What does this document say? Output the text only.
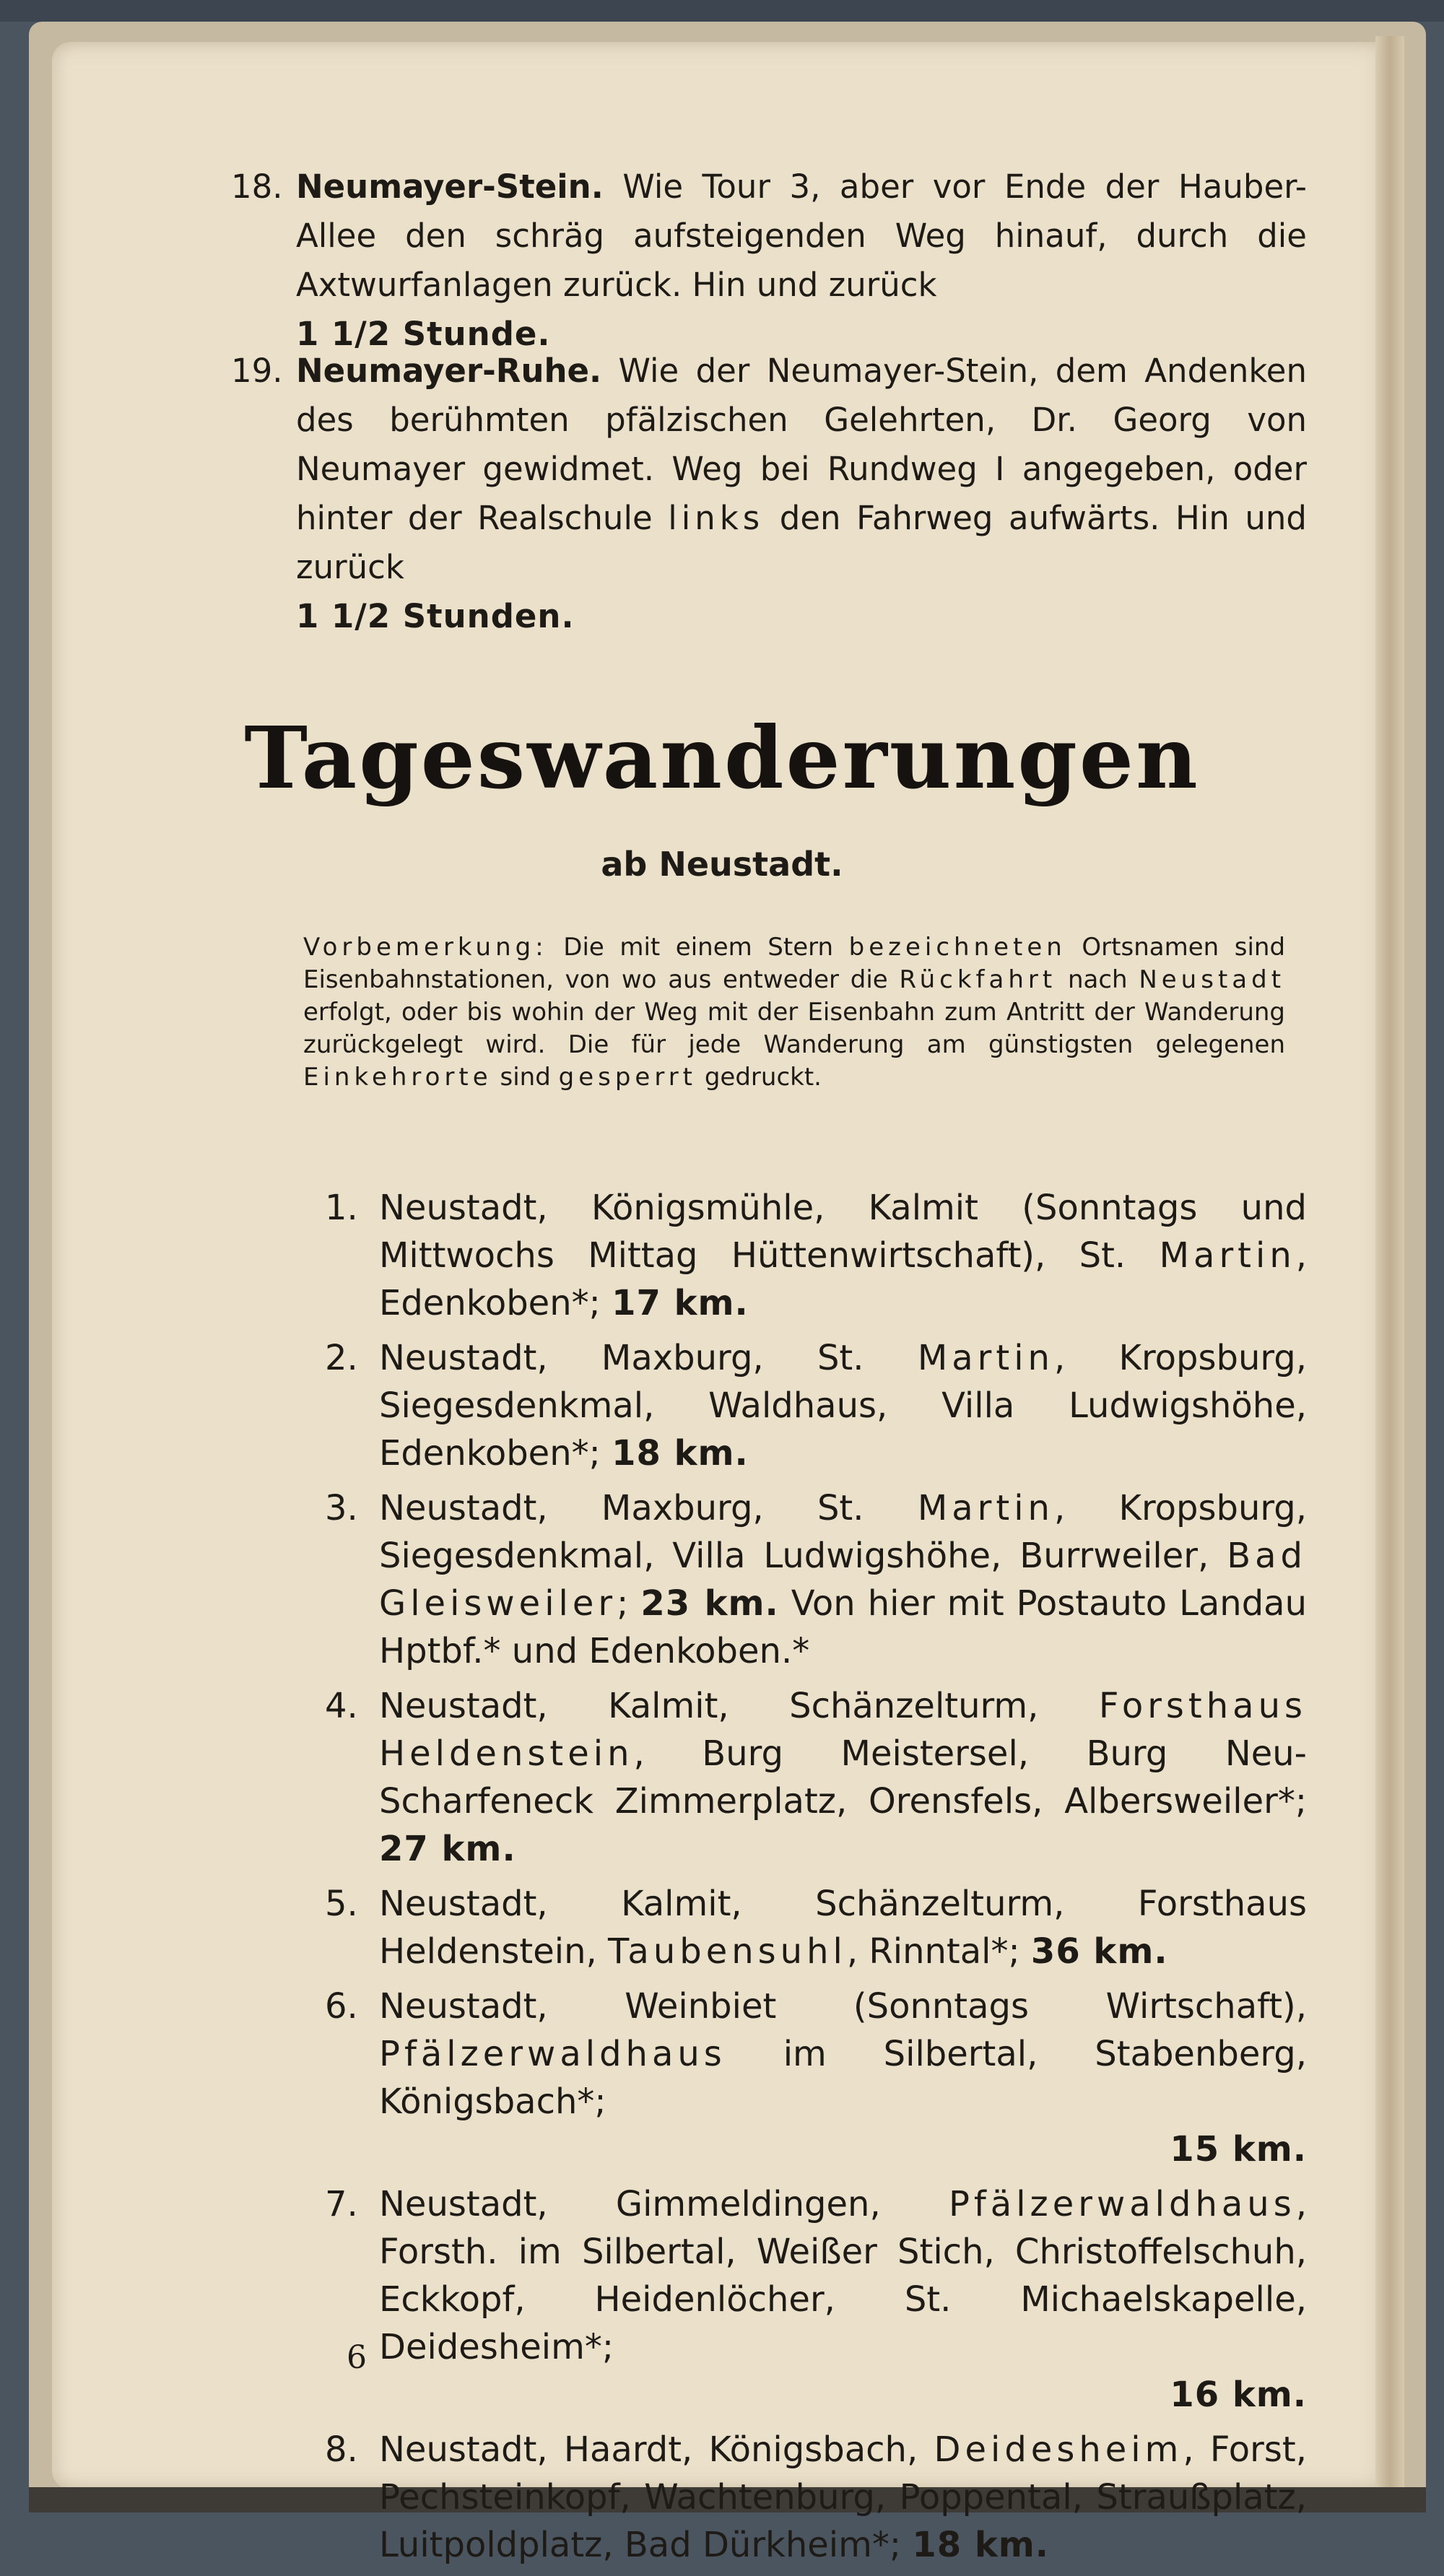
18. Neumayer-Stein. Wie Tour 3, aber vor Ende der Hauber-Allee den schräg aufsteigenden Weg hinauf, durch die Axtwurfanlagen zurück. Hin und zurück
1 1/2 Stunde.
19. Neumayer-Ruhe. Wie der Neumayer-Stein, dem Andenken des berühmten pfälzischen Gelehrten, Dr. Georg von Neumayer gewidmet. Weg bei Rundweg I angegeben, oder hinter der Realschule links den Fahrweg aufwärts. Hin und zurück
1 1/2 Stunden.
Tageswanderungen
ab Neustadt.
Vorbemerkung: Die mit einem Stern bezeichneten Ortsnamen sind Eisenbahnstationen, von wo aus entweder die Rückfahrt nach Neustadt erfolgt, oder bis wohin der Weg mit der Eisenbahn zum Antritt der Wanderung zurückgelegt wird. Die für jede Wanderung am günstigsten gelegenen Einkehrorte sind gesperrt gedruckt.
1. Neustadt, Königsmühle, Kalmit (Sonntags und Mittwochs Mittag Hüttenwirtschaft), St. Martin, Edenkoben*; 17 km.
2. Neustadt, Maxburg, St. Martin, Kropsburg, Siegesdenkmal, Waldhaus, Villa Ludwigshöhe, Edenkoben*; 18 km.
3. Neustadt, Maxburg, St. Martin, Kropsburg, Siegesdenkmal, Villa Ludwigshöhe, Burrweiler, Bad Gleisweiler; 23 km. Von hier mit Postauto Landau Hptbf.* und Edenkoben.*
4. Neustadt, Kalmit, Schänzelturm, Forsthaus Heldenstein, Burg Meistersel, Burg Neu-Scharfeneck Zimmerplatz, Orensfels, Albersweiler*; 27 km.
5. Neustadt, Kalmit, Schänzelturm, Forsthaus Heldenstein, Taubensuhl, Rinntal*; 36 km.
6. Neustadt, Weinbiet (Sonntags Wirtschaft), Pfälzerwaldhaus im Silbertal, Stabenberg, Königsbach*;
15 km.
7. Neustadt, Gimmeldingen, Pfälzerwaldhaus, Forsth. im Silbertal, Weißer Stich, Christoffelschuh, Eckkopf, Heidenlöcher, St. Michaelskapelle, Deidesheim*;
16 km.
8. Neustadt, Haardt, Königsbach, Deidesheim, Forst, Pechsteinkopf, Wachtenburg, Poppental, Straußplatz, Luitpoldplatz, Bad Dürkheim*; 18 km.
6
